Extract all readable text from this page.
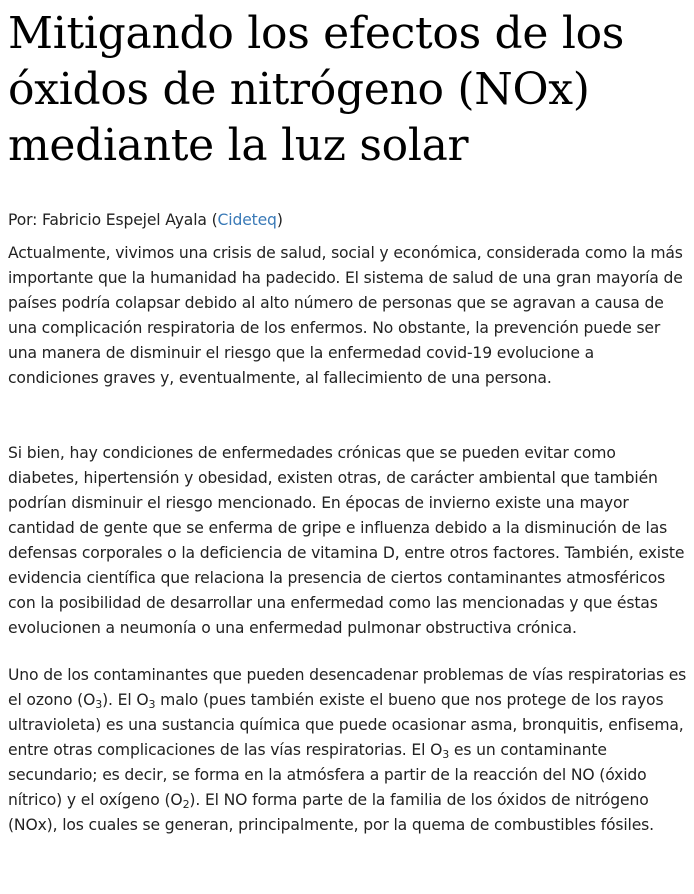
Mitigando los efectos de los óxidos de nitrógeno (NOx) mediante la luz solar
Por: Fabricio Espejel Ayala (Cideteq)

Actualmente, vivimos una crisis de salud, social y económica, considerada como la más importante que la humanidad ha padecido. El sistema de salud de una gran mayoría de países podría colapsar debido al alto número de personas que se agravan a causa de una complicación respiratoria de los enfermos. No obstante, la prevención puede ser una manera de disminuir el riesgo que la enfermedad covid-19 evolucione a condiciones graves y, eventualmente, al fallecimiento de una persona.

Si bien, hay condiciones de enfermedades crónicas que se pueden evitar como diabetes, hipertensión y obesidad, existen otras, de carácter ambiental que también podrían disminuir el riesgo mencionado. En épocas de invierno existe una mayor cantidad de gente que se enferma de gripe e influenza debido a la disminución de las defensas corporales o la deficiencia de vitamina D, entre otros factores. También, existe evidencia científica que relaciona la presencia de ciertos contaminantes atmosféricos con la posibilidad de desarrollar una enfermedad como las mencionadas y que éstas evolucionen a neumonía o una enfermedad pulmonar obstructiva crónica.

Uno de los contaminantes que pueden desencadenar problemas de vías respiratorias es el ozono $(O_3)$. El $O_3$ malo (pues también existe el bueno que nos protege de los rayos ultravioleta) es una sustancia química que puede ocasionar asma, bronquitis, enfisema, entre otras complicaciones de las vías respiratorias. El $O_3$ es un contaminante secundario; es decir, se forma en la atmósfera a partir de la reacción del NO (óxido nítrico) y el oxígeno $(O_2)$. El NO forma parte de la familia de los óxidos de nitrógeno (NOx), los cuales se generan, principalmente, por la quema de combustibles fósiles.
